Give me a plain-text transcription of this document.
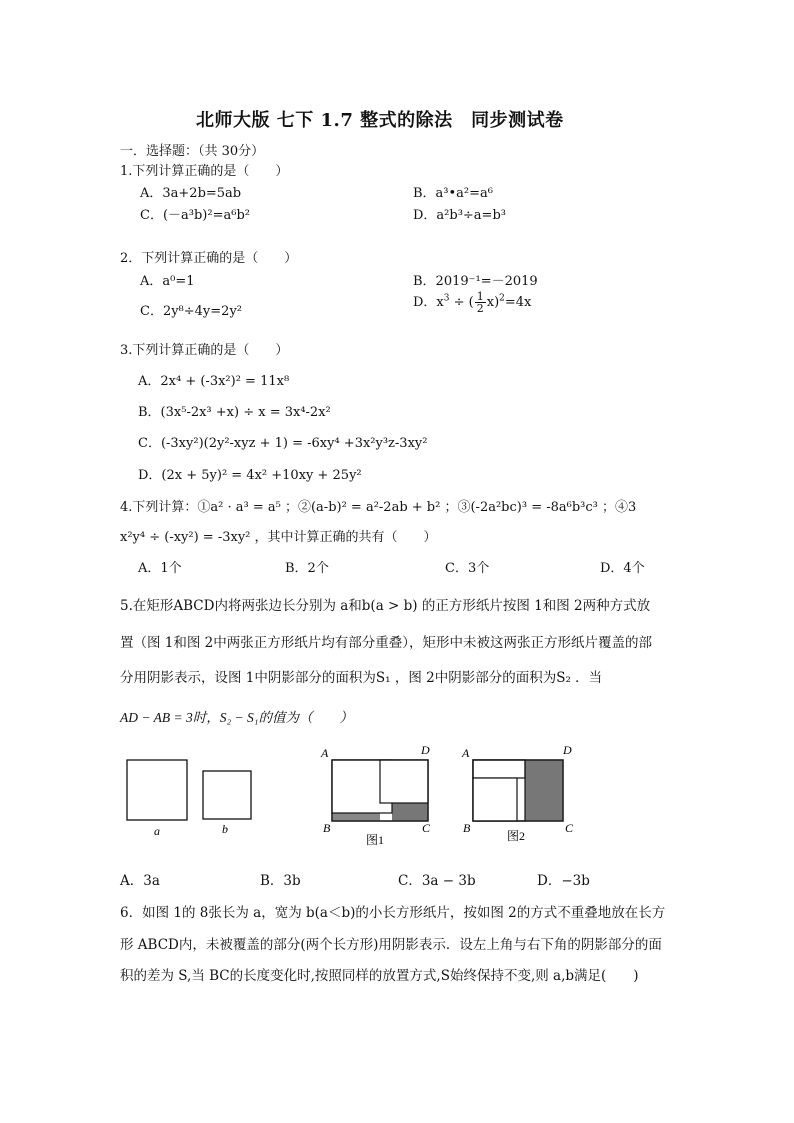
北师大版 七下 1.7 整式的除法　同步测试卷
一．选择题：（共 30分）
1.下列计算正确的是（　　）
A．3a+2b=5ab	B．a³•a²=a⁶
C．(－a³b)²=a⁶b²	D．a²b³÷a=b³
2．下列计算正确的是（　　）
A．a⁰=1	B．2019⁻¹=－2019
C．2y⁸÷4y=2y²
D．$x^3$ ÷ ( $\frac{1}{2} x)^2=4x$
3.下列计算正确的是（　　）
A．2x⁴ + (-3x²)² = 11x⁸
B．(3x⁵-2x³ +x) ÷ x = 3x⁴-2x²
C．(-3xy²)(2y²-xyz + 1) = -6xy⁴ +3x²y³z-3xy²
D．(2x + 5y)² = 4x² +10xy + 25y²
4.下列计算：①a² · a³ = a⁵ ；②(a-b)² = a²-2ab + b² ；③(-2a²bc)³ = -8a⁶b³c³ ；④3
x²y⁴ ÷ (-xy²) = -3xy² ，其中计算正确的共有（　　）
A．1个	B．2个	C．3个	D．4个
5.在矩形ABCD内将两张边长分别为 a和b(a > b) 的正方形纸片按图 1和图 2两种方式放
置（图 1和图 2中两张正方形纸片均有部分重叠），矩形中未被这两张正方形纸片覆盖的部
分用阴影表示，设图 1中阴影部分的面积为S₁ ，图 2中阴影部分的面积为S₂ ．当
AD − AB = 3时，S₂ − S₁的值为（　　）
a	b
A	D
B	C
图1
A	D
B	C
图2
A．3a	B．3b	C．3a − 3b	D．−3b
6．如图 1的 8张长为 a，宽为 b(a＜b)的小长方形纸片，按如图 2的方式不重叠地放在长方
形 ABCD内，未被覆盖的部分(两个长方形)用阴影表示．设左上角与右下角的阴影部分的面
积的差为 S,当 BC的长度变化时,按照同样的放置方式,S始终保持不变,则 a,b满足(　　)
